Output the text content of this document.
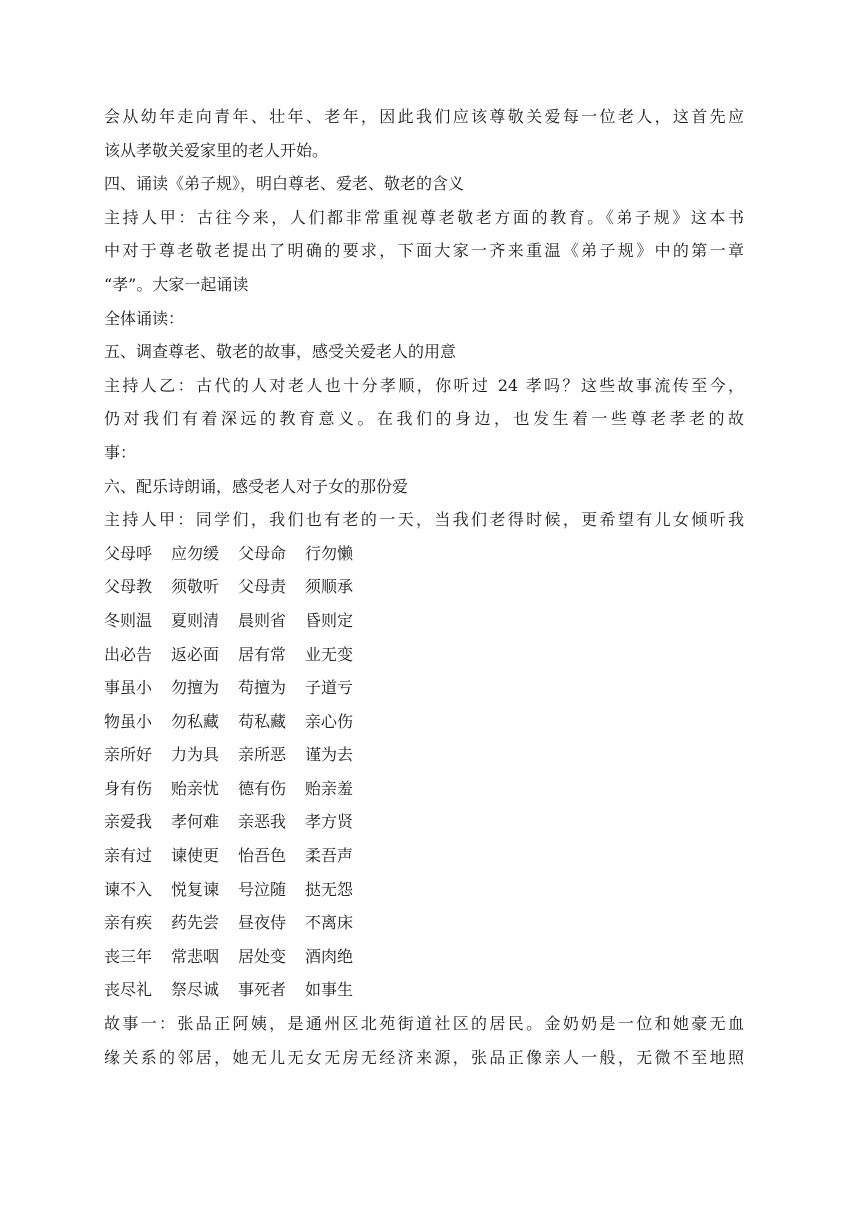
会从幼年走向青年、壮年、老年，因此我们应该尊敬关爱每一位老人，这首先应
该从孝敬关爱家里的老人开始。
四、诵读《弟子规》，明白尊老、爱老、敬老的含义
主持人甲：古往今来，人们都非常重视尊老敬老方面的教育。《弟子规》这本书
中对于尊老敬老提出了明确的要求，下面大家一齐来重温《弟子规》中的第一章
“孝”。大家一起诵读
全体诵读：
五、调查尊老、敬老的故事，感受关爱老人的用意
主持人乙：古代的人对老人也十分孝顺，你听过 24 孝吗？这些故事流传至今，
仍对我们有着深远的教育意义。在我们的身边，也发生着一些尊老孝老的故
事：
六、配乐诗朗诵，感受老人对子女的那份爱
主持人甲：同学们，我们也有老的一天，当我们老得时候，更希望有儿女倾听我
父母呼 应勿缓 父母命 行勿懒
父母教 须敬听 父母责 须顺承
冬则温 夏则清 晨则省 昏则定
出必告 返必面 居有常 业无变
事虽小 勿擅为 苟擅为 子道亏
物虽小 勿私藏 苟私藏 亲心伤
亲所好 力为具 亲所恶 谨为去
身有伤 贻亲忧 德有伤 贻亲羞
亲爱我 孝何难 亲恶我 孝方贤
亲有过 谏使更 怡吾色 柔吾声
谏不入 悦复谏 号泣随 挞无怨
亲有疾 药先尝 昼夜侍 不离床
丧三年 常悲咽 居处变 酒肉绝
丧尽礼 祭尽诚 事死者 如事生
故事一：张品正阿姨，是通州区北苑街道社区的居民。金奶奶是一位和她豪无血
缘关系的邻居，她无儿无女无房无经济来源，张品正像亲人一般，无微不至地照
